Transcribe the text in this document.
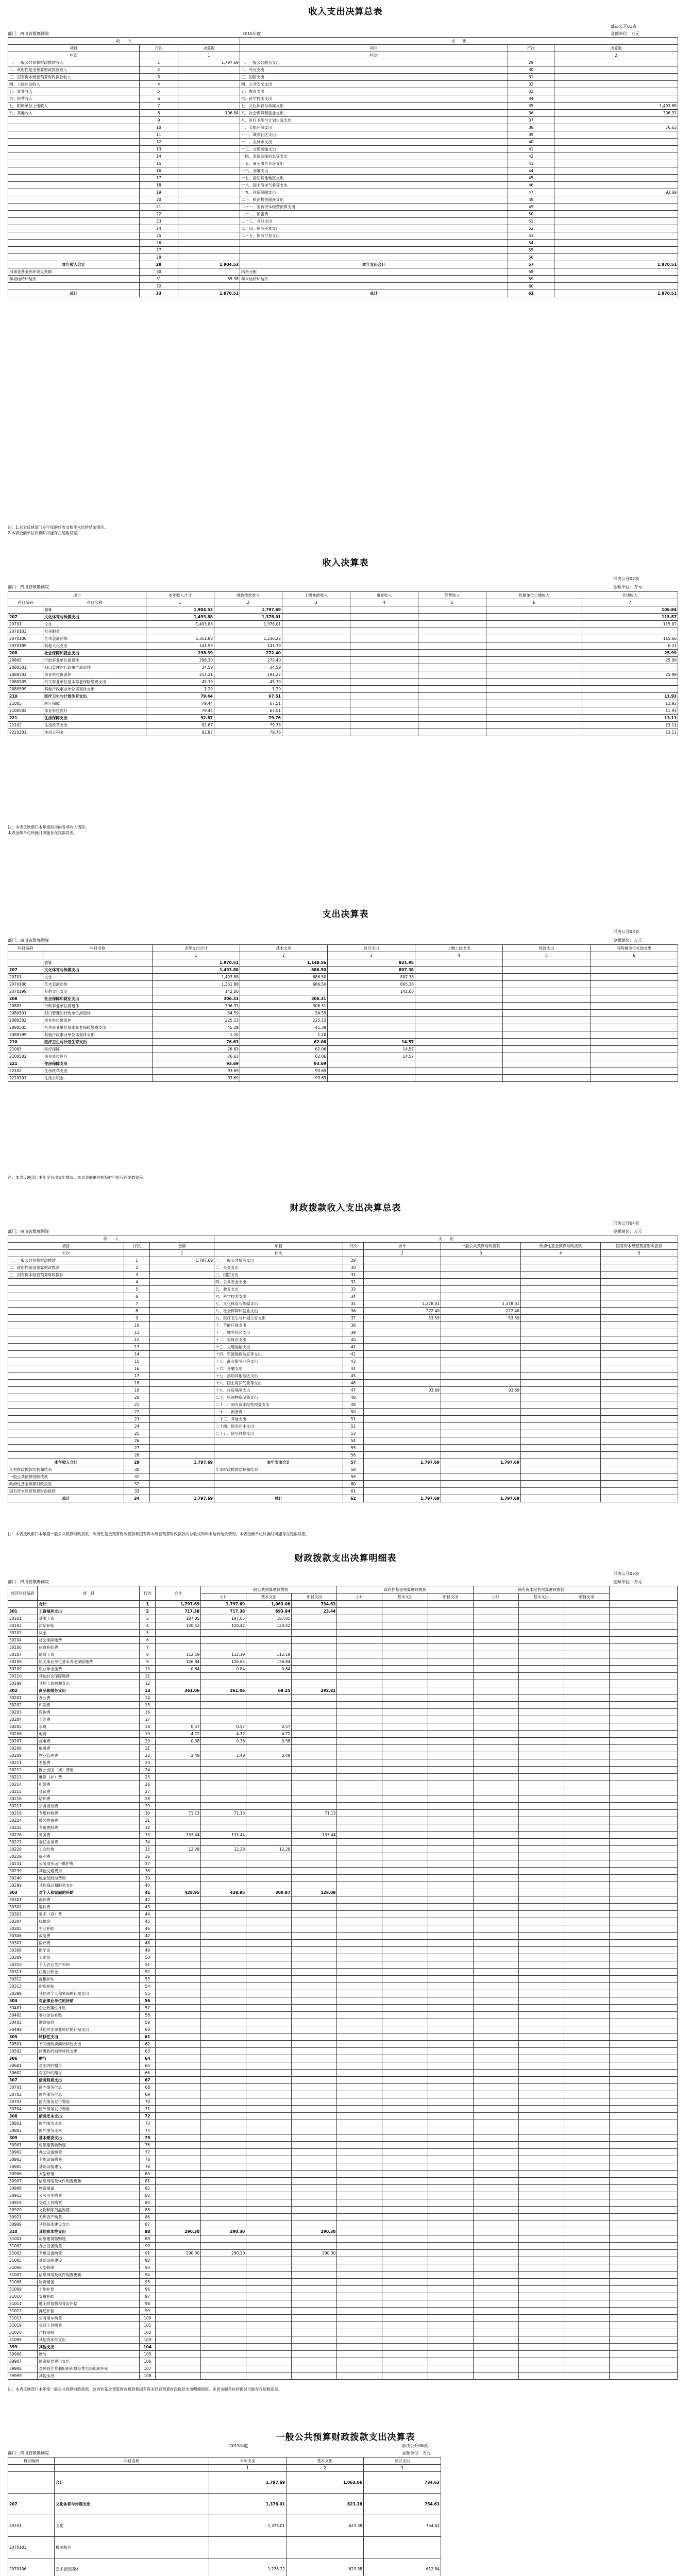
收入支出决算总表
部决公开01表
部门：四川省歌舞剧院	2015年度	金额单位：万元
收　　入			支　　出		
项目	行次	决算数	项目	行次	决算数
栏次		1	栏次		2
一、一般公共预算财政拨款收入	1	1,797.69	一、一般公共服务支出	29	
二、政府性基金预算财政拨款收入	2		二、外交支出	30	
三、国有资本经营预算财政拨款收入	3		三、国防支出	31	
四、上级补助收入	4		四、公共安全支出	32	
五、事业收入	5		五、教育支出	33	
六、经营收入	6		六、科学技术支出	34	
七、附属单位上缴收入	7		七、文化体育与传媒支出	35	1,493.88
八、其他收入	8	106.84	八、社会保障和就业支出	36	306.31
	9		九、医疗卫生与计划生育支出	37	
	10		十、节能环保支出	38	76.63
	11		十一、城乡社区支出	39	
	12		十二、农林水支出	40	
	13		十三、交通运输支出	41	
	14		十四、资源勘探信息等支出	42	
	15		十五、商业服务业等支出	43	
	16		十六、金融支出	44	
	17		十七、援助其他地区支出	45	
	18		十八、国土海洋气象等支出	46	
	19		十九、住房保障支出	47	93.69
	20		二十、粮油物资储备支出	48	
	21		二十一、国有资本经营预算支出	49	
	22		二十二、预备费	50	
	23		二十三、其他支出	51	
	24		二十四、债务还本支出	52	
	25		二十五、债务付息支出	53	
	26			54	
	27			55	
	28			56	
本年收入合计	29	1,904.53	本年支出合计	57	1,970.51
用事业基金弥补收支差额	30		结余分配	58	
年初结转和结余	31	65.98	年末结转和结余	59	
	32			60	
总计	33	1,970.51	总计	61	1,970.51
注：1.本表反映部门本年度的总收支和年末结转结余情况。
2.本表金额单位转换时可能存在尾数误差。
收入决算表
部决公开02表
部门：四川省歌舞剧院	金额单位：万元
项目		本年收入合计	财政拨款收入	上级补助收入	事业收入	经营收入	附属单位上缴收入	其他收入
科目编码	科目名称	1	2	3	4	5	6	7
	合计	1,904.53	1,797.69					106.84
207	文化体育与传媒支出	1,493.88	1,378.01					115.87
20701	文化	1,493.88	1,378.01					115.87
2070103	机关服务							
2070106	艺术表演团体	1,351.88	1,236.22					115.66
2070199	其他文化支出	141.99	141.79					0.21
208	社会保障和就业支出	298.39	272.40					25.99
20805	行政事业单位离退休	298.39	272.40					25.99
2080501	归口管理的行政单位离退休	34.59	34.59					
2080502	事业单位离退休	217.21	191.22					25.99
2080505	机关事业单位基本养老保险缴费支出	45.39	45.39					
2080599	其他行政事业单位离退休支出	1.20	1.20					
210	医疗卫生与计划生育支出	79.44	67.51					11.93
21005	医疗保障	79.44	67.51					11.93
2100502	事业单位医疗	79.44	67.51					11.93
221	住房保障支出	92.87	79.76					13.11
22102	住房改革支出	92.87	79.76					13.11
2210201	住房公积金	92.87	79.76					13.11
注：本表反映部门本年度取得的各项收入情况。
本表金额单位转换时可能存在尾数误差。
支出决算表
部决公开03表
部门：四川省歌舞剧院	金额单位：万元
科目编码	科目名称	本年支出合计	基本支出	项目支出	上缴上级支出	经营支出	对附属单位补助支出
		1	2	3	4	5	6
	合计	1,970.51	1,148.56	821.95			
207	文化体育与传媒支出	1,493.88	686.50	807.38			
20701	文化	1,493.88	686.50	807.38			
2070106	艺术表演团体	1,351.88	686.50	665.38			
2070199	其他文化支出	142.00		142.00			
208	社会保障和就业支出	306.31	306.31				
20805	行政事业单位离退休	306.31	306.31				
2080501	归口管理的行政单位离退休	34.59	34.59				
2080502	事业单位离退休	225.13	225.13				
2080505	机关事业单位基本养老保险缴费支出	45.39	45.39				
2080599	其他行政事业单位离退休支出	1.20	1.20				
210	医疗卫生与计划生育支出	76.63	62.06	14.57			
21005	医疗保障	76.63	62.06	14.57			
2100502	事业单位医疗	76.63	62.06	14.57			
221	住房保障支出	93.69	93.69				
22102	住房改革支出	93.69	93.69				
2210201	住房公积金	93.69	93.69				
注：本表反映部门本年度各项支出情况。本表金额单位转换时可能存在尾数误差。
财政拨款收入支出决算总表
部决公开04表
部门：四川省歌舞剧院	金额单位：万元
收　　入			支　　出					
项目	行次	金额	项目	行次	合计	一般公共预算财政拨款	政府性基金预算财政拨款	国有资本经营预算财政拨款
栏次		1	栏次		2	3	4	5
一、一般公共预算财政拨款	1	1,797.69	一、一般公共服务支出	29				
二、政府性基金预算财政拨款	2		二、外交支出	30				
三、国有资本经营预算财政拨款	3		三、国防支出	31				
	4		四、公共安全支出	32				
	5		五、教育支出	33				
	6		六、科学技术支出	34				
	7		七、文化体育与传媒支出	35	1,378.01	1,378.01		
	8		八、社会保障和就业支出	36	272.40	272.40		
	9		九、医疗卫生与计划生育支出	37	53.59	53.59		
	10		十、节能环保支出	38				
	11		十一、城乡社区支出	39				
	12		十二、农林水支出	40				
	13		十三、交通运输支出	41				
	14		十四、资源勘探信息等支出	42				
	15		十五、商业服务业等支出	43				
	16		十六、金融支出	44				
	17		十七、援助其他地区支出	45				
	18		十八、国土海洋气象等支出	46				
	19		十九、住房保障支出	47	93.69	93.69		
	20		二十、粮油物资储备支出	48				
	21		二十一、国有资本经营预算支出	49				
	22		二十二、预备费	50				
	23		二十三、其他支出	51				
	24		二十四、债务还本支出	52				
	25		二十五、债务付息支出	53				
	26			54				
	27			55				
	28			56				
本年收入合计	29	1,797.69	本年支出合计	57	1,797.69	1,797.69		
年初财政拨款结转和结余	30		年末财政拨款结转和结余	58				
一般公共预算财政拨款	31			59				
政府性基金预算财政拨款	32			60				
国有资本经营预算财政拨款	33			61				
总计	34	1,797.69	总计	62	1,797.69	1,797.69		
注：本表反映部门本年度一般公共预算财政拨款、政府性基金预算财政拨款和国有资本经营预算财政拨款的总收支和年末结转结余情况。本表金额单位转换时可能存在尾数误差。
财政拨款支出决算明细表
部决公开05表
部门：四川省歌舞剧院	金额单位：万元
经济科目编码	项　目	行次	合计	一般公共预算财政拨款			政府性基金预算财政拨款			国有资本经营预算财政拨款			
				小计	基本支出	项目支出	小计	基本支出	项目支出	小计	基本支出	项目支出	
	合计	1	1,797.69	1,797.69	1,063.06	734.63							
301	工资福利支出	2	717.38	717.38	693.94	23.44							
30101	基本工资	3	187.05	187.05	187.05								
30102	津贴补贴	4	120.42	120.42	120.42								
30103	奖金	5											
30104	社会保障缴费	6											
30106	伙食补助费	7											
30107	绩效工资	8	112.19	112.19	112.19								
30108	机关事业单位基本养老保险缴费	9	126.84	126.84	126.84								
30109	职业年金缴费	10	0.84	0.84	0.84								
30110	其他社会保障缴费	11											
30199	其他工资福利支出	12											
302	商品和服务支出	13	361.06	361.06	68.25	292.81							
30201	办公费	14											
30202	印刷费	15											
30203	咨询费	16											
30204	手续费	17											
30205	水费	18	0.57	0.57	0.57								
30206	电费	19	4.72	4.72	4.72								
30207	邮电费	20	0.38	0.38	0.38								
30208	取暖费	21											
30209	物业管理费	22	2.49	2.49	2.49								
30211	差旅费	23											
30212	因公出国（境）费用	24											
30213	维修（护）费	25											
30214	租赁费	26											
30215	会议费	27											
30216	培训费	28											
30217	公务接待费	29											
30218	专用材料费	30	71.13	71.13		71.13							
30224	被装购置费	31											
30225	专用燃料费	32											
30226	劳务费	33	133.44	133.44		133.44							
30227	委托业务费	34											
30228	工会经费	35	12.28	12.28	12.28								
30229	福利费	36											
30231	公务用车运行维护费	37											
30239	其他交通费用	38											
30240	税金及附加费用	39											
30299	其他商品和服务支出	40											
303	对个人和家庭的补助	41	428.95	428.95	300.87	128.08							
30301	离休费	42											
30302	退休费	43											
30303	退职（役）费	44											
30304	抚恤金	45											
30305	生活补助	46											
30306	救济费	47											
30307	医疗费	48											
30308	助学金	49											
30309	奖励金	50											
30310	个人农业生产补贴	51											
30311	住房公积金	52											
30312	提租补贴	53											
30313	购房补贴	54											
30399	其他对个人和家庭的补助支出	55											
304	对企事业单位的补贴	56											
30401	企业政策性补贴	57											
30402	事业单位补贴	58											
30403	财政贴息	59											
30499	其他对企事业单位的补贴支出	60											
305	转移性支出	61											
30501	不同级政府间转移性支出	62											
30502	同级政府间转移性支出	63											
306	赠与	64											
30601	对国内的赠与	65											
30602	对国外的赠与	66											
307	债务利息支出	67											
30701	国内债务付息	68											
30702	国外债务付息	69											
30703	国内债务发行费用	70											
30704	国外债务发行费用	71											
308	债务还本支出	72											
30801	国内债务还本	73											
30802	国外债务还本	74											
309	基本建设支出	75											
30901	房屋建筑物购建	76											
30902	办公设备购置	77											
30903	专用设备购置	78											
30905	基础设施建设	79											
30906	大型修缮	80											
30907	信息网络及软件购置更新	81											
30908	物资储备	82											
30913	公务用车购置	83											
30919	交通工具购置	84											
30920	文物和陈列品购置	85											
30921	无形资产购置	86											
30999	其他基本建设支出	87											
310	其他资本性支出	88	290.30	290.30		290.30							
31001	房屋建筑物购建	89											
31002	办公设备购置	90											
31003	专用设备购置	91	290.30	290.30		290.30							
31005	基础设施建设	92											
31006	大型修缮	93											
31007	信息网络及软件购置更新	94											
31008	物资储备	95											
31009	土地补偿	96											
31010	安置补助	97											
31011	地上附着物和青苗补偿	98											
31012	拆迁补偿	99											
31013	公务用车购置	100											
31019	交通工具购置	101											
31020	产权参股	102											
31099	其他资本性支出	103											
399	其他支出	104											
39906	赠与	105											
39907	国家赔偿费用支出	106											
39908	对民间非营利组织和群众性自治组织补贴	107											
39999	其他支出	108											
注：本表反映部门本年度一般公共预算财政拨款、政府性基金预算财政拨款和国有资本经营预算财政拨款支出明细情况。本表金额单位转换时可能存在尾数误差。
一般公共预算财政拨款支出决算表
2015年度	部决公开06表
部门：四川省歌舞剧院	金额单位：万元
科目编码	科目名称	本年支出	基本支出	项目支出
		1	2	3
	合计	1,797.69	1,063.06	734.63
207	文化体育与传媒支出	1,378.01	623.38	754.63
20701	文化	1,378.01	623.38	754.63
2070103	机关服务			
2070106	艺术表演团体	1,236.22	623.38	612.84
